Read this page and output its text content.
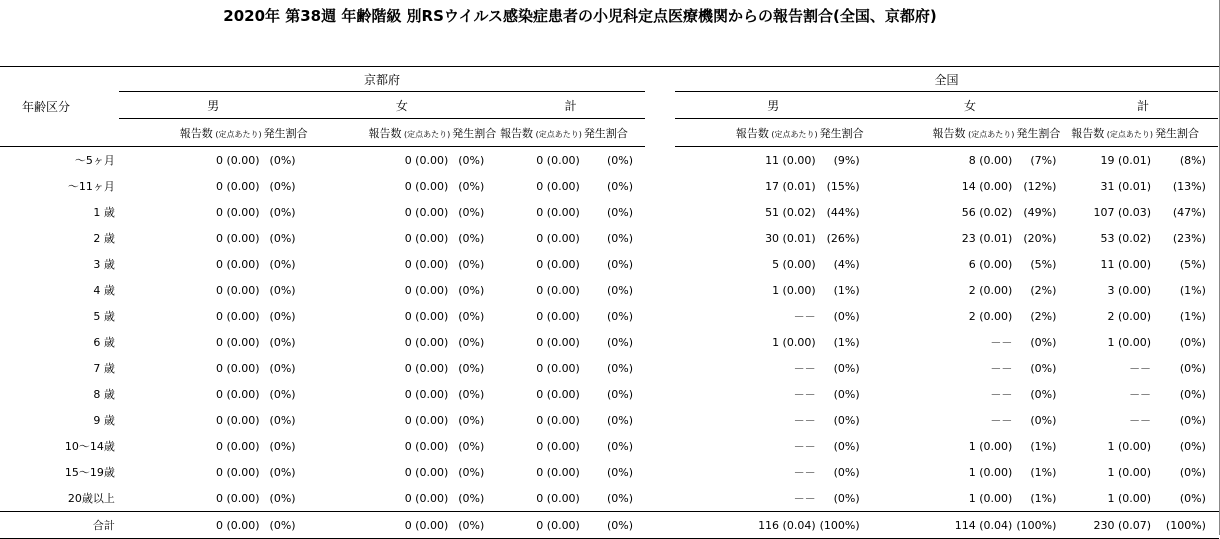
2020年 第38週 年齢階級 別RSウイルス感染症患者の小児科定点医療機関からの報告割合(全国、京都府)
年齢区分	京都府							全国						
	男		女		計			男		女		計		
	報告数 (定点あたり)	発生割合	報告数 (定点あたり)	発生割合	報告数 (定点あたり)	発生割合		報告数 (定点あたり)	発生割合	報告数 (定点あたり)	発生割合	報告数 (定点あたり)	発生割合	
～5ヶ月	0 (0.00)	(0%)	0 (0.00)	(0%)	0 (0.00)	(0%)		11 (0.00)	(9%)	8 (0.00)	(7%)	19 (0.01)	(8%)	
～11ヶ月	0 (0.00)	(0%)	0 (0.00)	(0%)	0 (0.00)	(0%)		17 (0.01)	(15%)	14 (0.00)	(12%)	31 (0.01)	(13%)	
1 歳	0 (0.00)	(0%)	0 (0.00)	(0%)	0 (0.00)	(0%)		51 (0.02)	(44%)	56 (0.02)	(49%)	107 (0.03)	(47%)	
2 歳	0 (0.00)	(0%)	0 (0.00)	(0%)	0 (0.00)	(0%)		30 (0.01)	(26%)	23 (0.01)	(20%)	53 (0.02)	(23%)	
3 歳	0 (0.00)	(0%)	0 (0.00)	(0%)	0 (0.00)	(0%)		5 (0.00)	(4%)	6 (0.00)	(5%)	11 (0.00)	(5%)	
4 歳	0 (0.00)	(0%)	0 (0.00)	(0%)	0 (0.00)	(0%)		1 (0.00)	(1%)	2 (0.00)	(2%)	3 (0.00)	(1%)	
5 歳	0 (0.00)	(0%)	0 (0.00)	(0%)	0 (0.00)	(0%)		－－	(0%)	2 (0.00)	(2%)	2 (0.00)	(1%)	
6 歳	0 (0.00)	(0%)	0 (0.00)	(0%)	0 (0.00)	(0%)		1 (0.00)	(1%)	－－	(0%)	1 (0.00)	(0%)	
7 歳	0 (0.00)	(0%)	0 (0.00)	(0%)	0 (0.00)	(0%)		－－	(0%)	－－	(0%)	－－	(0%)	
8 歳	0 (0.00)	(0%)	0 (0.00)	(0%)	0 (0.00)	(0%)		－－	(0%)	－－	(0%)	－－	(0%)	
9 歳	0 (0.00)	(0%)	0 (0.00)	(0%)	0 (0.00)	(0%)		－－	(0%)	－－	(0%)	－－	(0%)	
10～14歳	0 (0.00)	(0%)	0 (0.00)	(0%)	0 (0.00)	(0%)		－－	(0%)	1 (0.00)	(1%)	1 (0.00)	(0%)	
15～19歳	0 (0.00)	(0%)	0 (0.00)	(0%)	0 (0.00)	(0%)		－－	(0%)	1 (0.00)	(1%)	1 (0.00)	(0%)	
20歳以上	0 (0.00)	(0%)	0 (0.00)	(0%)	0 (0.00)	(0%)		－－	(0%)	1 (0.00)	(1%)	1 (0.00)	(0%)	
合計	0 (0.00)	(0%)	0 (0.00)	(0%)	0 (0.00)	(0%)		116 (0.04)	(100%)	114 (0.04)	(100%)	230 (0.07)	(100%)	
